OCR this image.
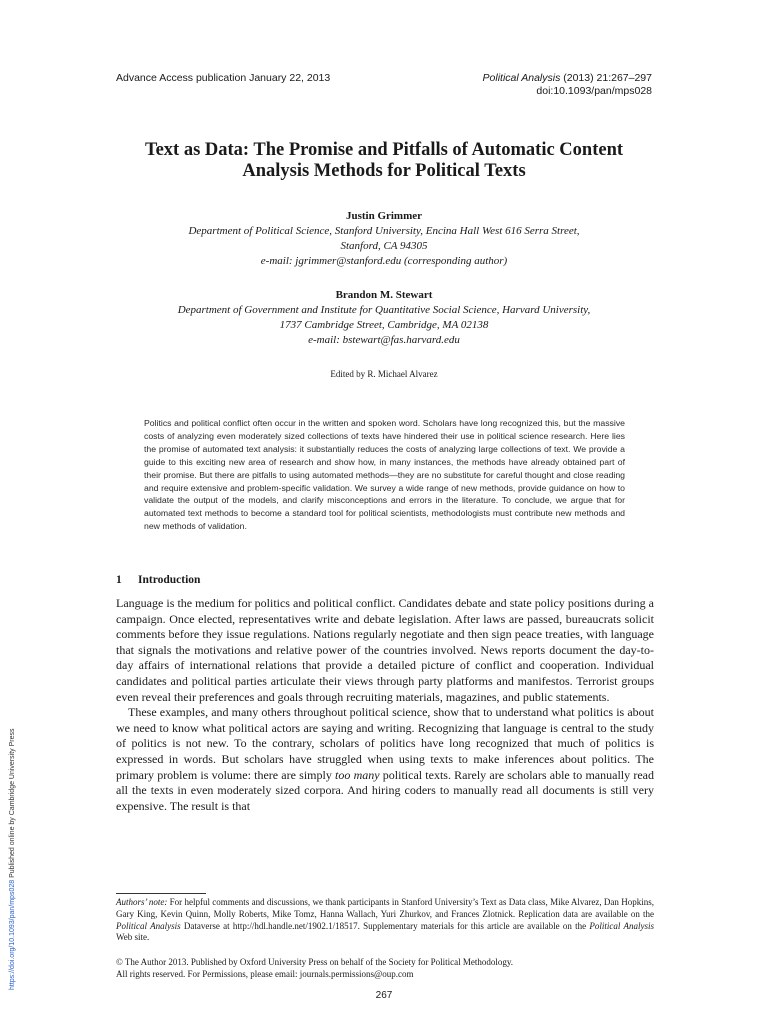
Advance Access publication January 22, 2013	Political Analysis (2013) 21:267–297
doi:10.1093/pan/mps028
Text as Data: The Promise and Pitfalls of Automatic Content
Analysis Methods for Political Texts
Justin Grimmer
Department of Political Science, Stanford University, Encina Hall West 616 Serra Street,
Stanford, CA 94305
e-mail: jgrimmer@stanford.edu (corresponding author)
Brandon M. Stewart
Department of Government and Institute for Quantitative Social Science, Harvard University,
1737 Cambridge Street, Cambridge, MA 02138
e-mail: bstewart@fas.harvard.edu
Edited by R. Michael Alvarez
Politics and political conflict often occur in the written and spoken word. Scholars have long recognized this, but the massive costs of analyzing even moderately sized collections of texts have hindered their use in political science research. Here lies the promise of automated text analysis: it substantially reduces the costs of analyzing large collections of text. We provide a guide to this exciting new area of research and show how, in many instances, the methods have already obtained part of their promise. But there are pitfalls to using automated methods—they are no substitute for careful thought and close reading and require extensive and problem-specific validation. We survey a wide range of new methods, provide guidance on how to validate the output of the models, and clarify misconceptions and errors in the literature. To conclude, we argue that for automated text methods to become a standard tool for political scientists, methodologists must contribute new methods and new methods of validation.
1 Introduction

Language is the medium for politics and political conflict. Candidates debate and state policy positions during a campaign. Once elected, representatives write and debate legislation. After laws are passed, bureaucrats solicit comments before they issue regulations. Nations regularly negotiate and then sign peace treaties, with language that signals the motivations and relative power of the countries involved. News reports document the day-to-day affairs of international relations that provide a detailed picture of conflict and cooperation. Individual candidates and political parties articulate their views through party platforms and manifestos. Terrorist groups even reveal their preferences and goals through recruiting materials, magazines, and public statements.

These examples, and many others throughout political science, show that to understand what politics is about we need to know what political actors are saying and writing. Recognizing that language is central to the study of politics is not new. To the contrary, scholars of politics have long recognized that much of politics is expressed in words. But scholars have struggled when using texts to make inferences about politics. The primary problem is volume: there are simply too many political texts. Rarely are scholars able to manually read all the texts in even moderately sized corpora. And hiring coders to manually read all documents is still very expensive. The result is that

Authors’ note: For helpful comments and discussions, we thank participants in Stanford University’s Text as Data class, Mike Alvarez, Dan Hopkins, Gary King, Kevin Quinn, Molly Roberts, Mike Tomz, Hanna Wallach, Yuri Zhurkov, and Frances Zlotnick. Replication data are available on the Political Analysis Dataverse at http://hdl.handle.net/1902.1/18517. Supplementary materials for this article are available on the Political Analysis Web site.
© The Author 2013. Published by Oxford University Press on behalf of the Society for Political Methodology.
All rights reserved. For Permissions, please email: journals.permissions@oup.com
267
https://doi.org/10.1093/pan/mps028 Published online by Cambridge University Press
